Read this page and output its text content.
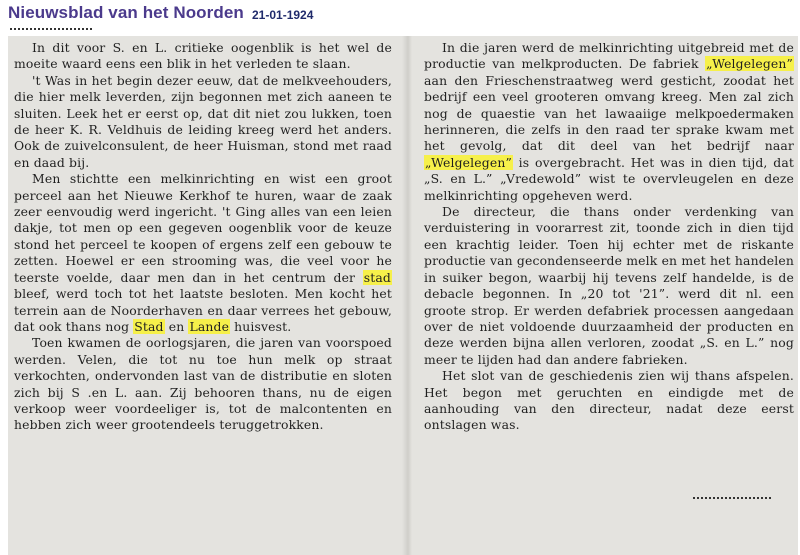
Nieuwsblad van het Noorden 21-01-1924

In dit voor S. en L. critieke oogenblik is het wel de moeite waard eens een blik in het verleden te slaan.

't Was in het begin dezer eeuw, dat de melkveehouders, die hier melk leverden, zijn begonnen met zich aaneen te sluiten. Leek het er eerst op, dat dit niet zou lukken, toen de heer K. R. Veldhuis de leiding kreeg werd het anders. Ook de zuivelconsulent, de heer Huisman, stond met raad en daad bij.

Men stichtte een melkinrichting en wist een groot perceel aan het Nieuwe Kerkhof te huren, waar de zaak zeer eenvoudig werd ingericht. 't Ging alles van een leien dakje, tot men op een gegeven oogenblik voor de keuze stond het perceel te koopen of ergens zelf een gebouw te zetten. Hoewel er een strooming was, die veel voor he teerste voelde, daar men dan in het centrum der stad bleef, werd toch tot het laatste besloten. Men kocht het terrein aan de Noorderhaven en daar verrees het gebouw, dat ook thans nog Stad en Lande huisvest.

Toen kwamen de oorlogsjaren, die jaren van voorspoed werden. Velen, die tot nu toe hun melk op straat verkochten, ondervonden last van de distributie en sloten zich bij S .en L. aan. Zij behooren thans, nu de eigen verkoop weer voordeeliger is, tot de malcontenten en hebben zich weer grootendeels teruggetrokken.

In die jaren werd de melkinrichting uitgebreid met de productie van melkproducten. De fabriek „Welgelegen” aan den Frieschenstraatweg werd gesticht, zoodat het bedrijf een veel grooteren omvang kreeg. Men zal zich nog de quaestie van het lawaaiige melkpoedermaken herinneren, die zelfs in den raad ter sprake kwam met het gevolg, dat dit deel van het bedrijf naar „Welgelegen” is overgebracht. Het was in dien tijd, dat „S. en L.” „Vredewold” wist te overvleugelen en deze melkinrichting opgeheven werd.

De directeur, die thans onder verdenking van verduistering in voorarrest zit, toonde zich in dien tijd een krachtig leider. Toen hij echter met de riskante productie van gecondenseerde melk en met het handelen in suiker begon, waarbij hij tevens zelf handelde, is de debacle begonnen. In „20 tot '21”. werd dit nl. een groote strop. Er werden defabriek processen aangedaan over de niet voldoende duurzaamheid der producten en deze werden bijna allen verloren, zoodat „S. en L.” nog meer te lijden had dan andere fabrieken.

Het slot van de geschiedenis zien wij thans afspelen. Het begon met geruchten en eindigde met de aanhouding van den directeur, nadat deze eerst ontslagen was.
